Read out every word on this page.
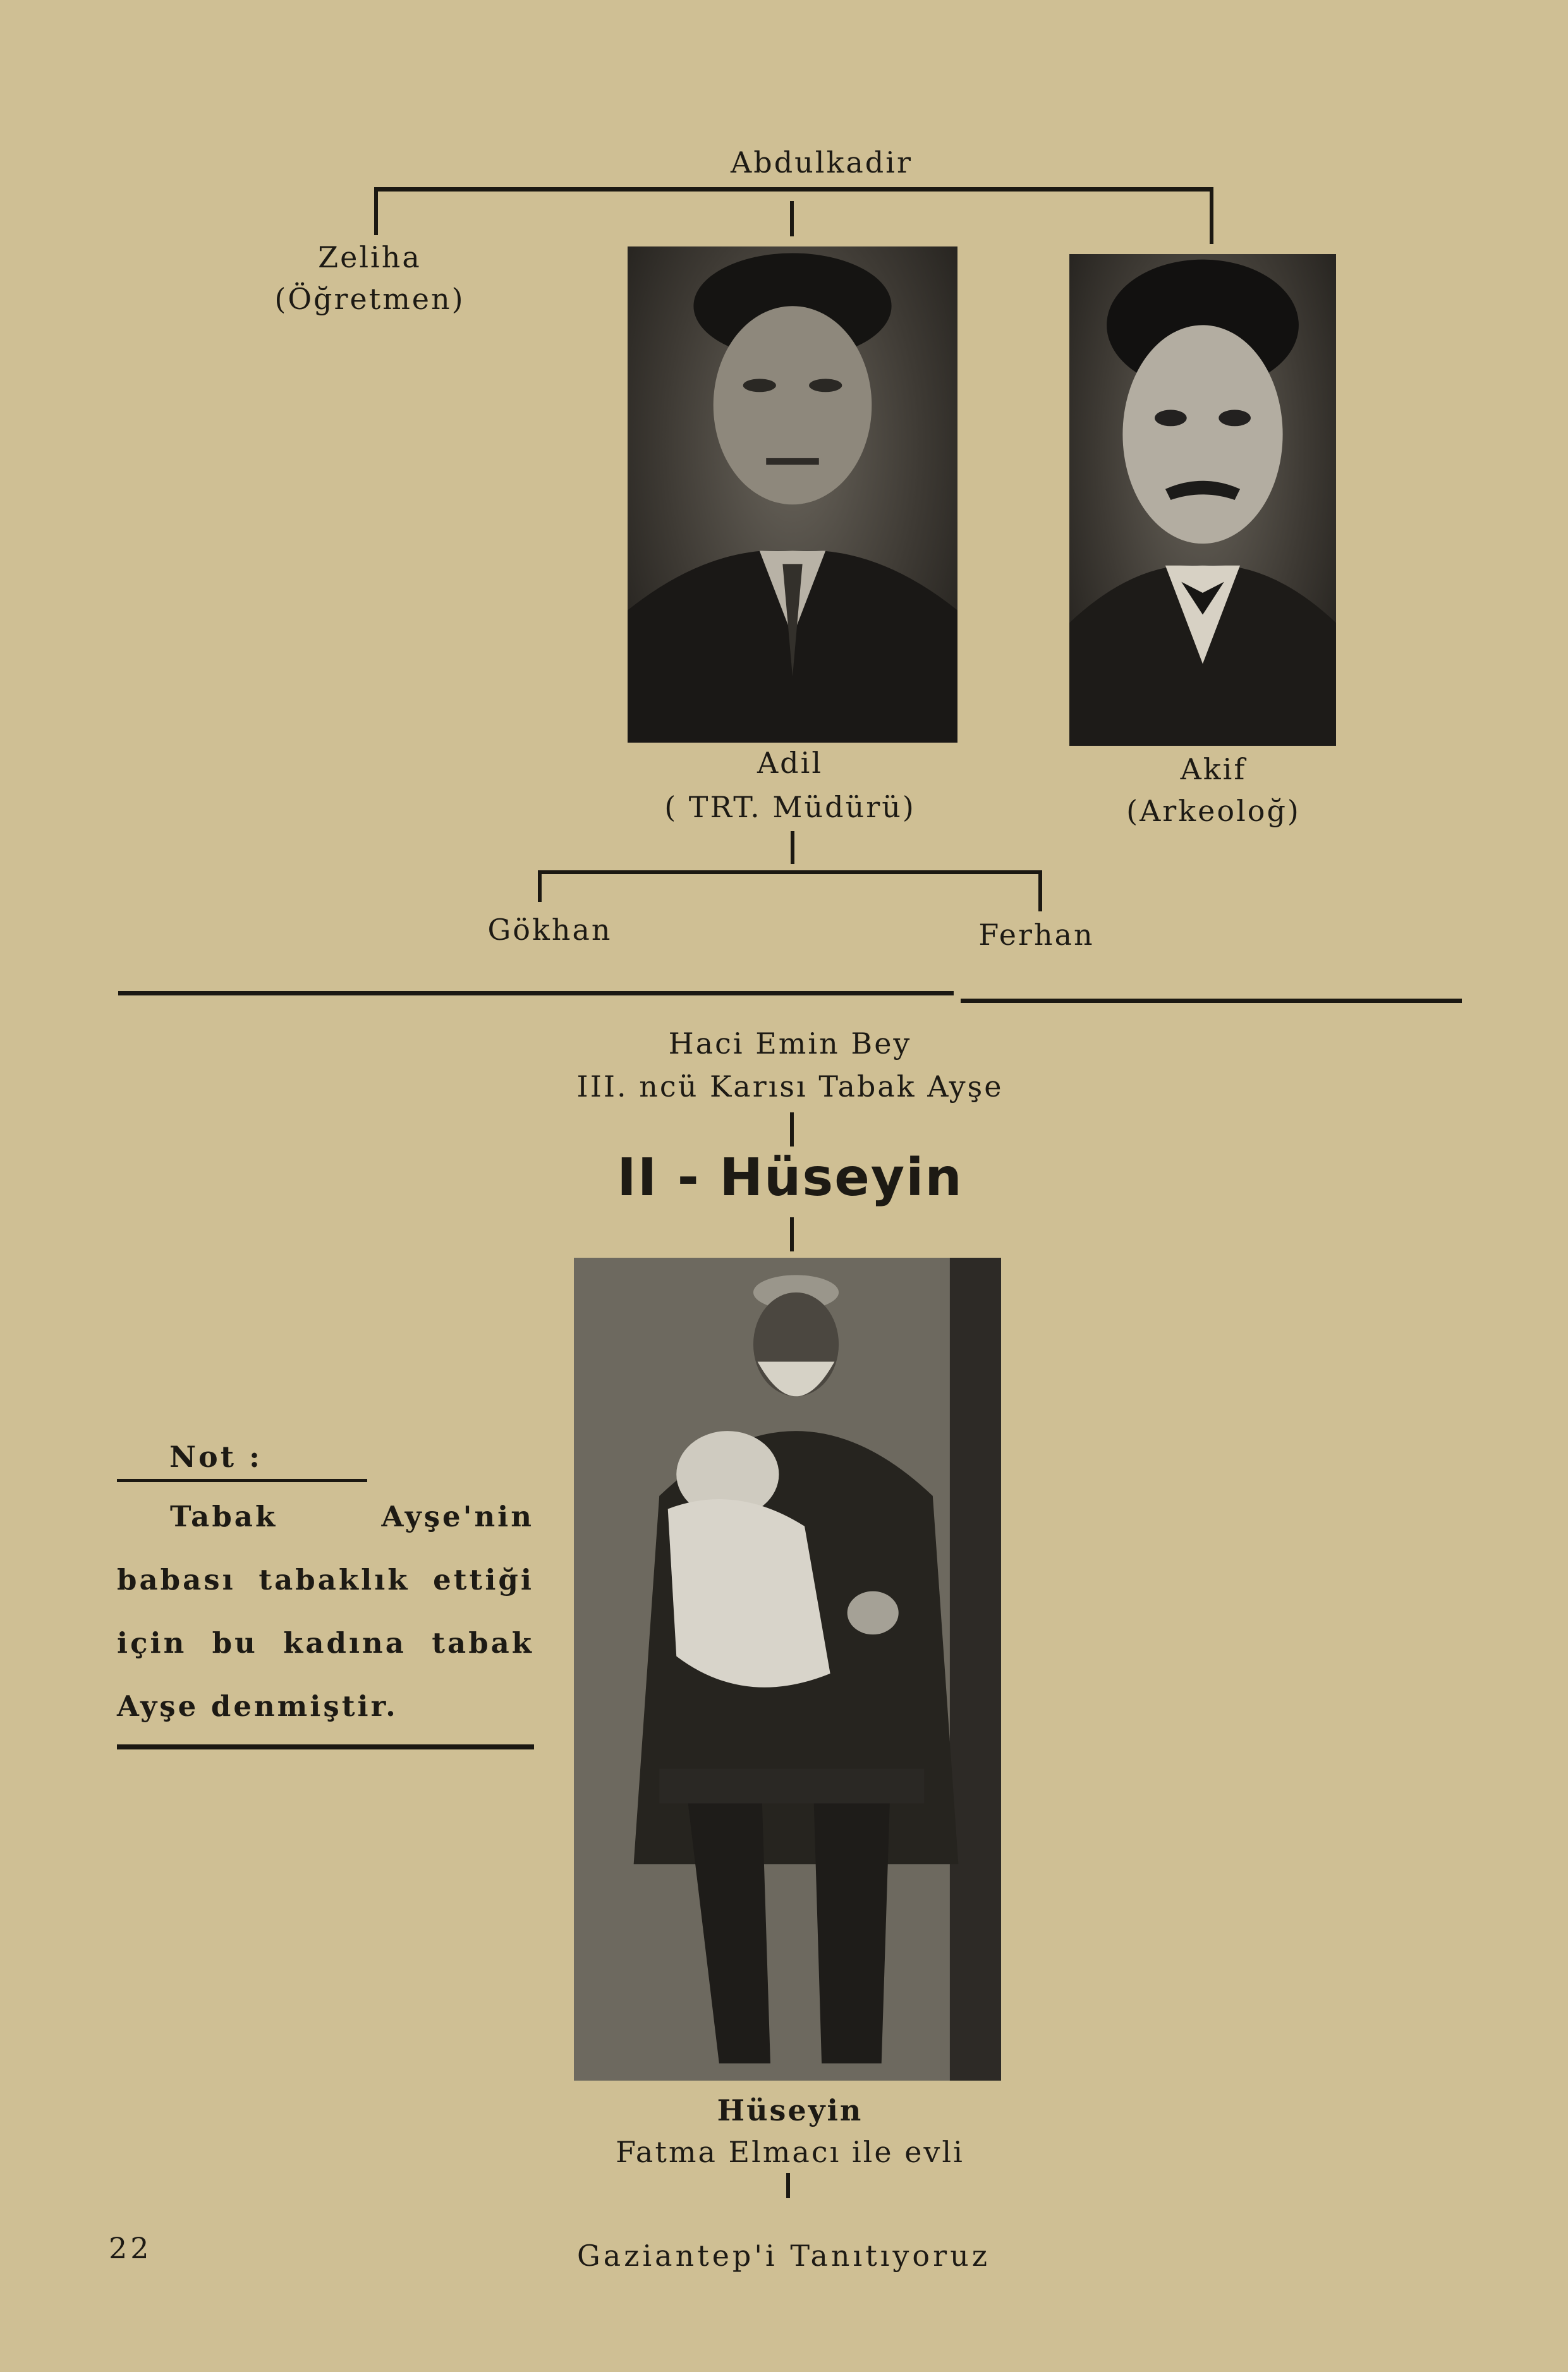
Abdulkadir
Zeliha
(Öğretmen)
Adil
( TRT. Müdürü)
Akif
(Arkeoloğ)
Gökhan	Ferhan
Haci Emin Bey
III. ncü Karısı Tabak Ayşe
II - Hüseyin
Hüseyin
Fatma Elmacı ile evli
Not :
Tabak Ayşe'nin babası tabaklık ettiği için bu kadına tabak Ayşe denmiştir.
22	Gaziantep'i Tanıtıyoruz
